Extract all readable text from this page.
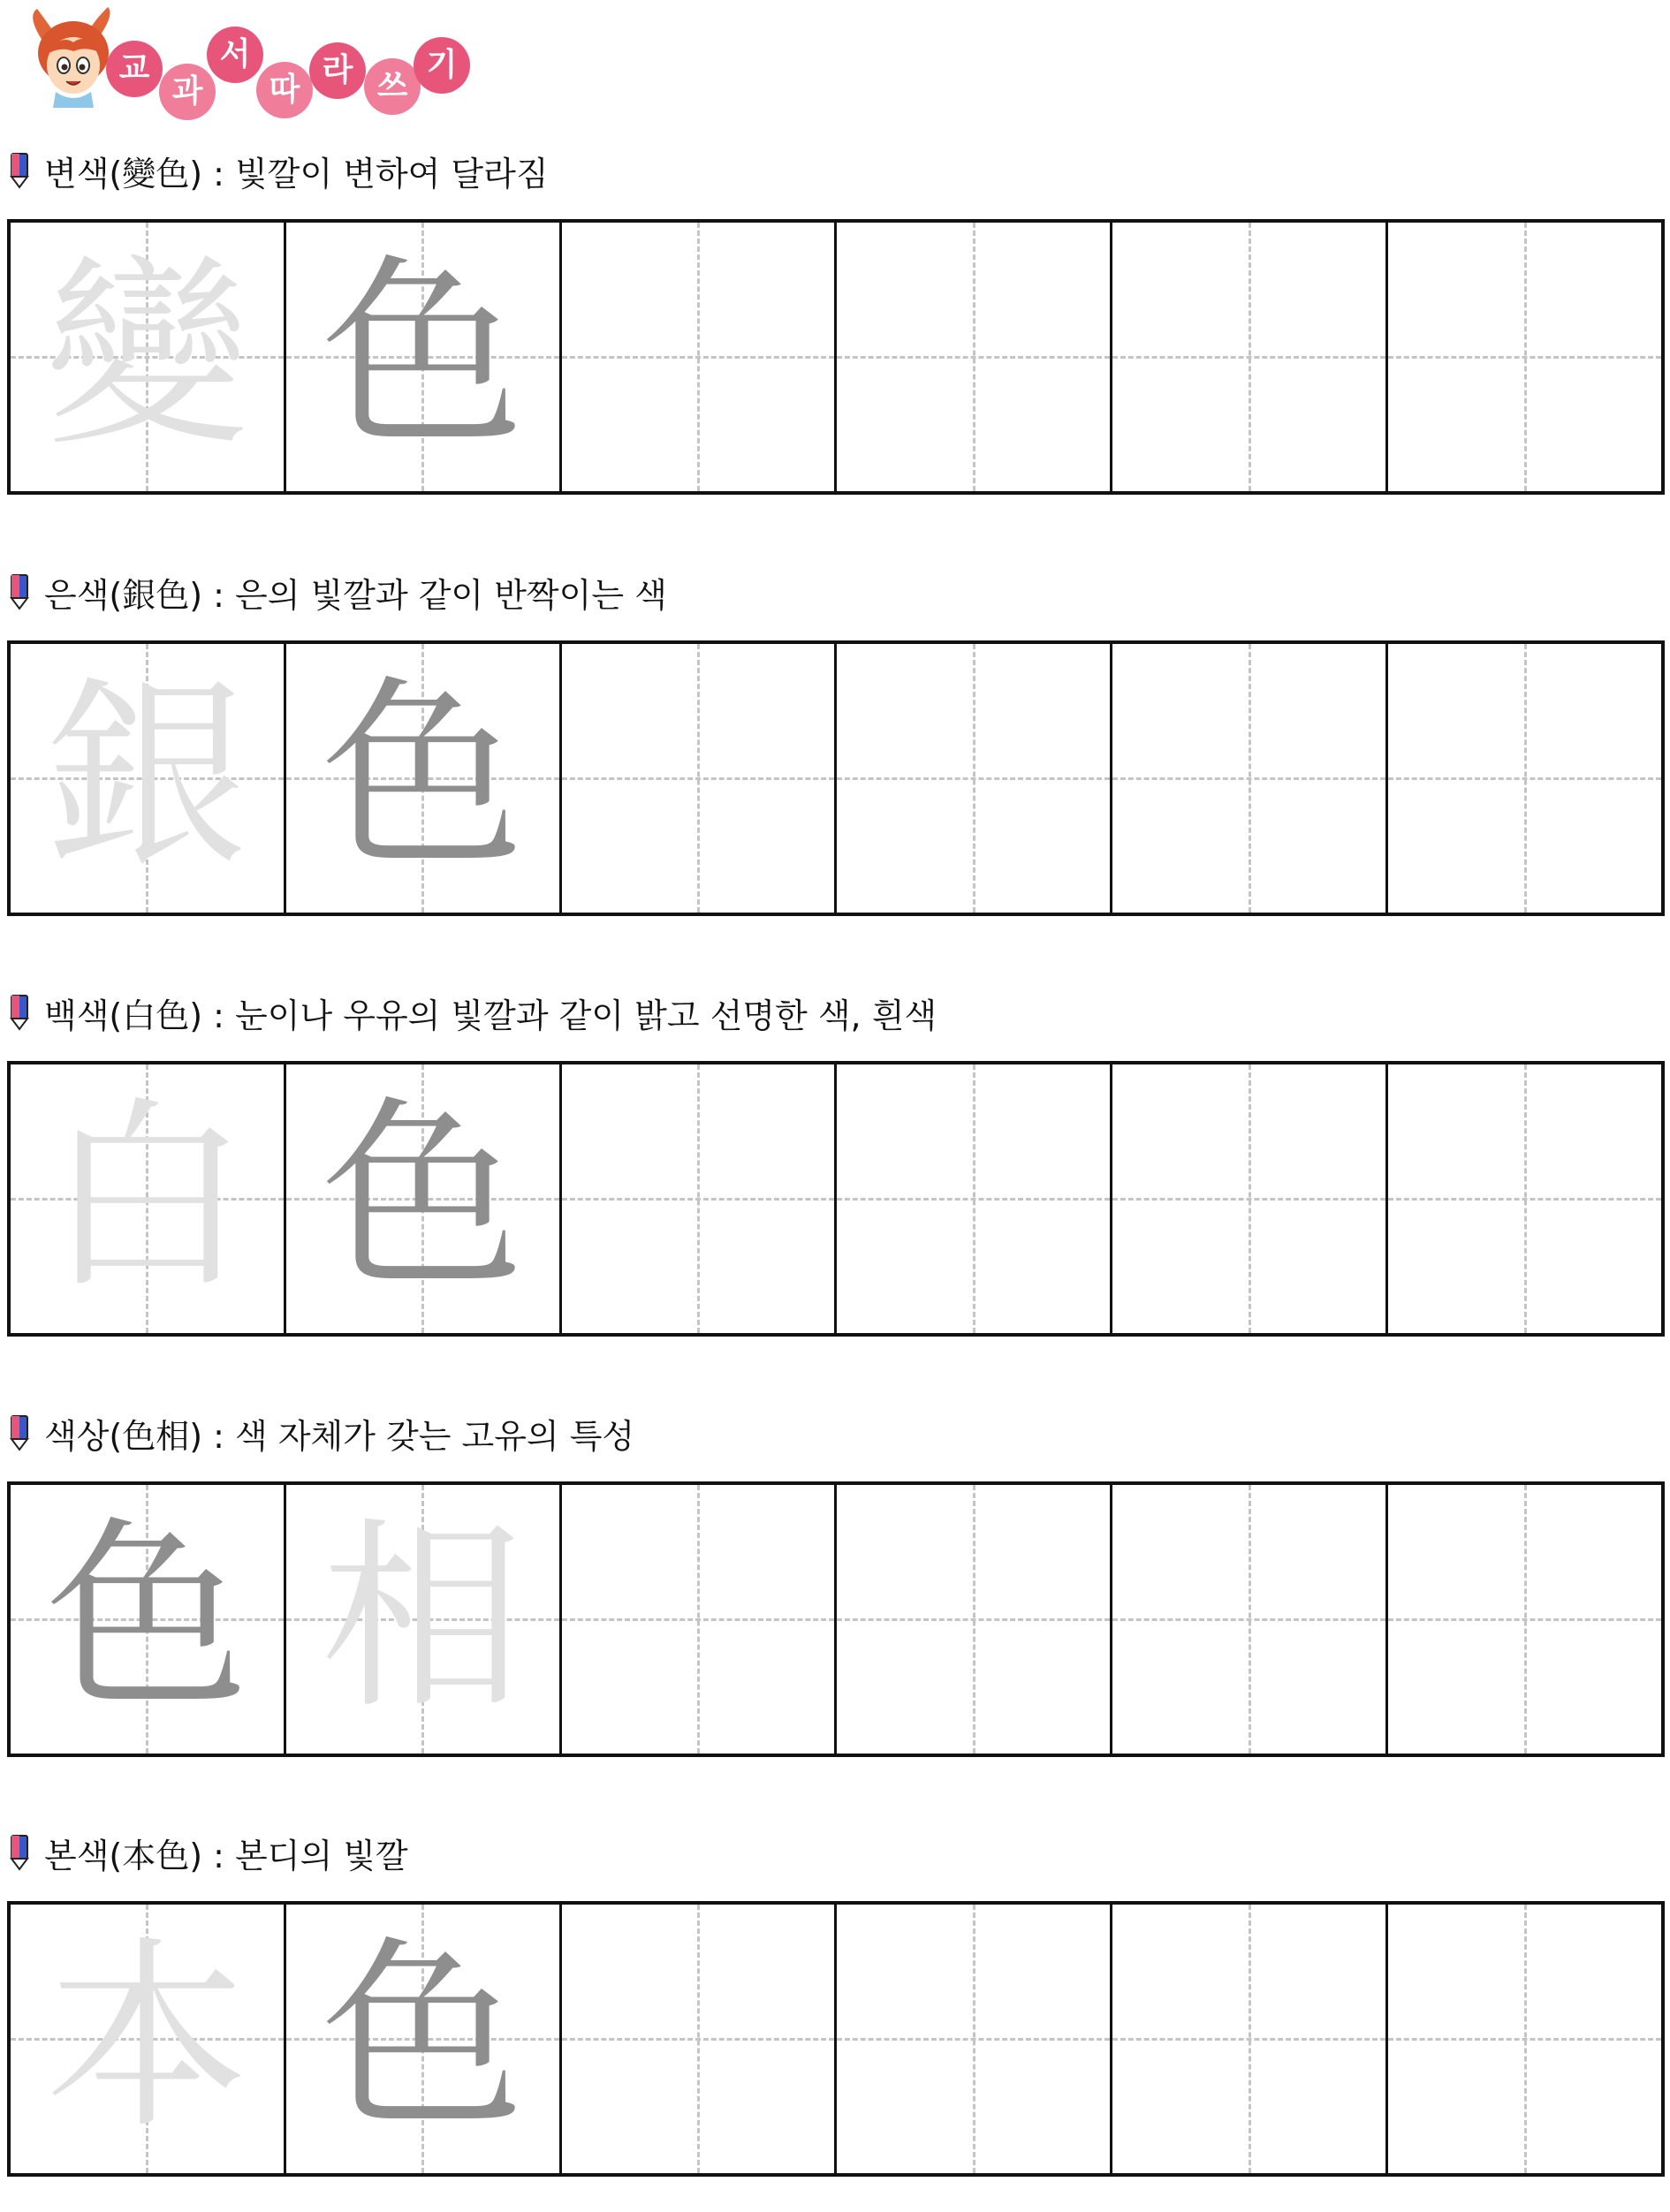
교
과
서
따
라 쓰
기
변색(變色) : 빛깔이 변하여 달라짐
變 色
은색(銀色) : 은의 빛깔과 같이 반짝이는 색
銀 色
백색(白色) : 눈이나 우유의 빛깔과 같이 밝고 선명한 색, 흰색
白 色
색상(色相) : 색 자체가 갖는 고유의 특성
色 相
본색(本色) : 본디의 빛깔
本 色
